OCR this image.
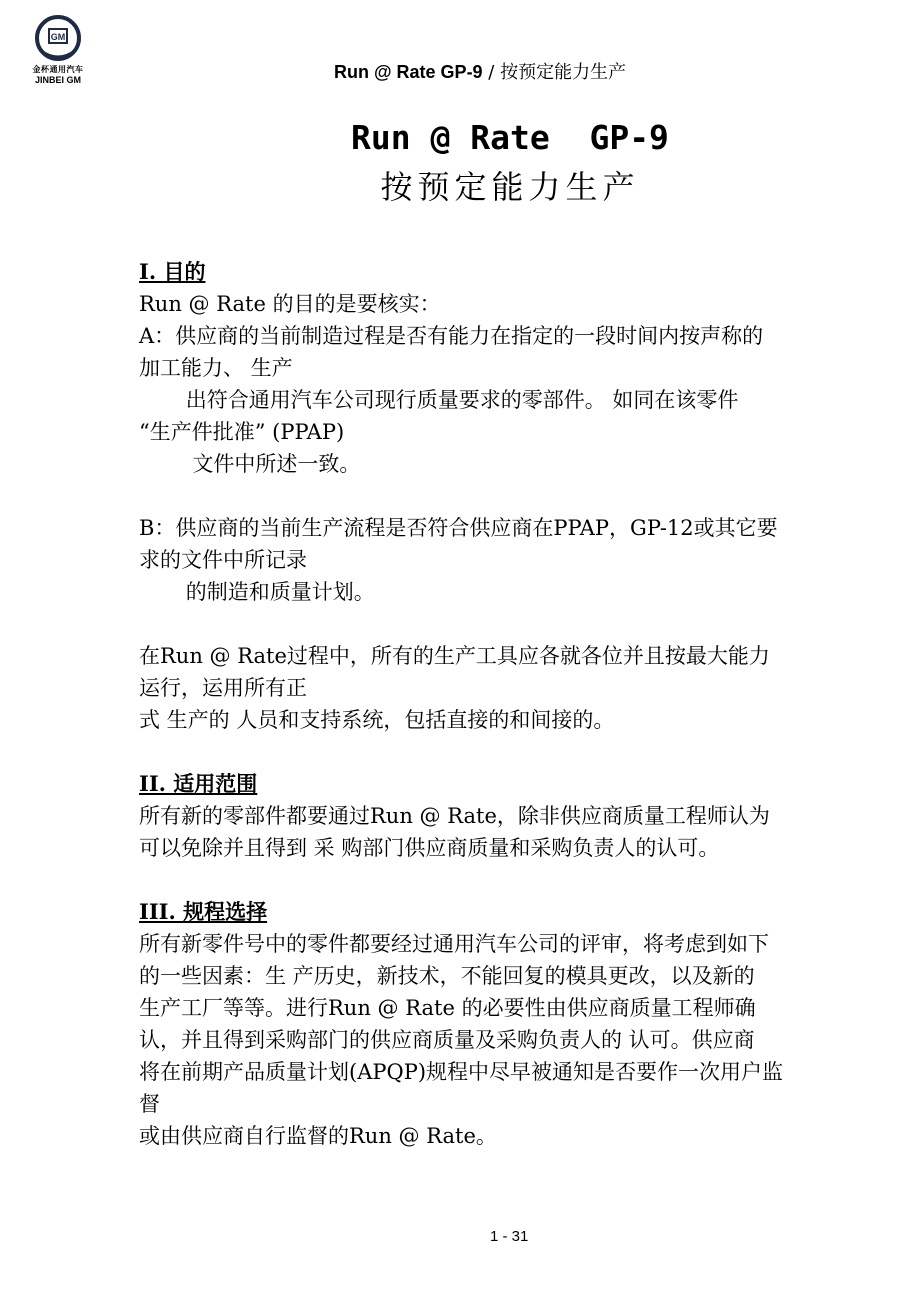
GM
金杯通用汽车
JINBEI GM	Run @ Rate GP-9 / 按预定能力生产
Run @ Rate  GP-9
按预定能力生产
I. 目的
Run @ Rate 的目的是要核实：
A：供应商的当前制造过程是否有能力在指定的一段时间内按声称的
加工能力、 生产
出符合通用汽车公司现行质量要求的零部件。 如同在该零件
“生产件批准” (PPAP)
文件中所述一致。
B：供应商的当前生产流程是否符合供应商在PPAP，GP-12或其它要
求的文件中所记录
的制造和质量计划。
在Run @ Rate过程中，所有的生产工具应各就各位并且按最大能力
运行，运用所有正
式 生产的 人员和支持系统，包括直接的和间接的。
II. 适用范围
所有新的零部件都要通过Run @ Rate，除非供应商质量工程师认为
可以免除并且得到 采 购部门供应商质量和采购负责人的认可。
III. 规程选择
所有新零件号中的零件都要经过通用汽车公司的评审，将考虑到如下
的一些因素：生 产历史，新技术，不能回复的模具更改，以及新的
生产工厂等等。进行Run @ Rate 的必要性由供应商质量工程师确
认，并且得到采购部门的供应商质量及采购负责人的 认可。供应商
将在前期产品质量计划(APQP)规程中尽早被通知是否要作一次用户监
督
或由供应商自行监督的Run @ Rate。
1 - 31
